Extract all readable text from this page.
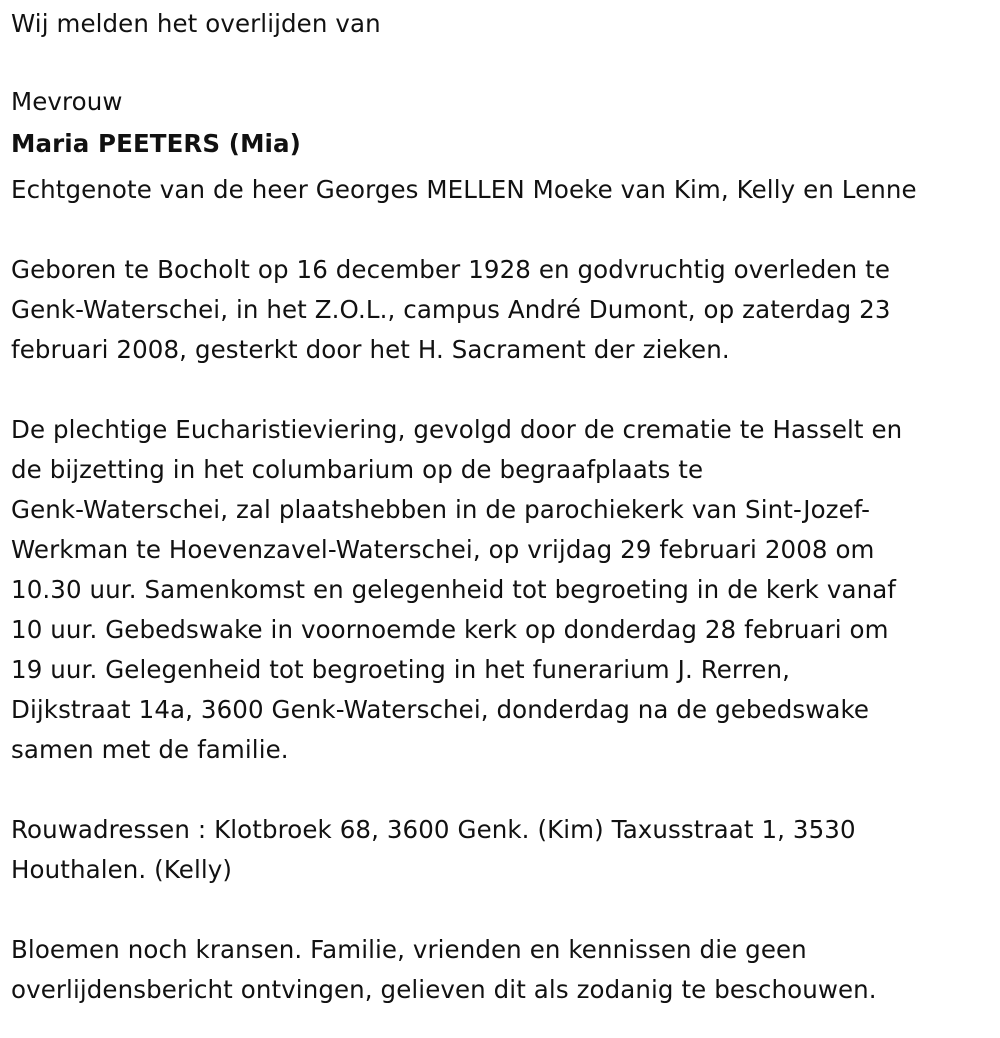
Wij melden het overlijden van
Mevrouw
Maria PEETERS (Mia)
Echtgenote van de heer Georges MELLEN Moeke van Kim, Kelly en Lenne
Geboren te Bocholt op 16 december 1928 en godvruchtig overleden te
Genk-Waterschei, in het Z.O.L., campus André Dumont, op zaterdag 23
februari 2008, gesterkt door het H. Sacrament der zieken.
De plechtige Eucharistieviering, gevolgd door de crematie te Hasselt en
de bijzetting in het columbarium op de begraafplaats te
Genk-Waterschei, zal plaatshebben in de parochiekerk van Sint-Jozef-
Werkman te Hoevenzavel-Waterschei, op vrijdag 29 februari 2008 om
10.30 uur. Samenkomst en gelegenheid tot begroeting in de kerk vanaf
10 uur. Gebedswake in voornoemde kerk op donderdag 28 februari om
19 uur. Gelegenheid tot begroeting in het funerarium J. Rerren,
Dijkstraat 14a, 3600 Genk-Waterschei, donderdag na de gebedswake
samen met de familie.
Rouwadressen : Klotbroek 68, 3600 Genk. (Kim) Taxusstraat 1, 3530
Houthalen. (Kelly)
Bloemen noch kransen. Familie, vrienden en kennissen die geen
overlijdensbericht ontvingen, gelieven dit als zodanig te beschouwen.
